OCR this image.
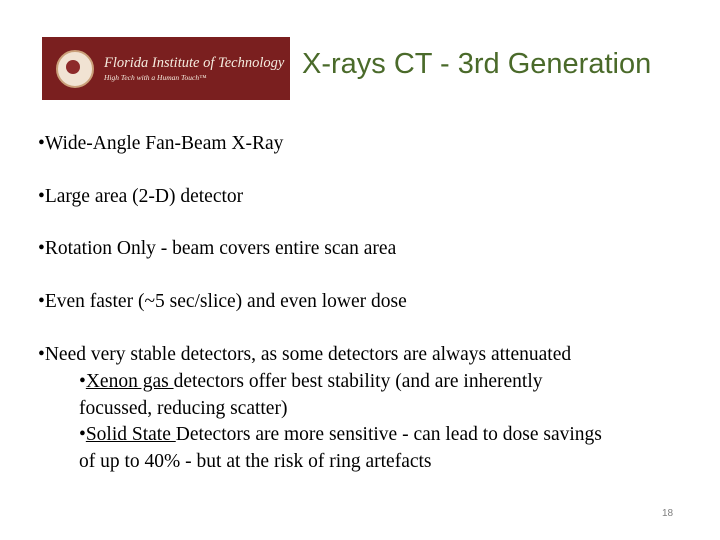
Florida Institute of Technology
High Tech with a Human Touch™	X-rays CT - 3rd Generation
•Wide-Angle Fan-Beam X-Ray
•Large area (2-D) detector
•Rotation Only - beam covers entire scan area
•Even faster (~5 sec/slice) and even lower dose
•Need very stable detectors, as some detectors are always attenuated
•Xenon gas detectors offer best stability (and are inherently
focussed, reducing scatter)
•Solid State Detectors are more sensitive - can lead to dose savings
of up to 40% - but at the risk of ring artefacts
18
